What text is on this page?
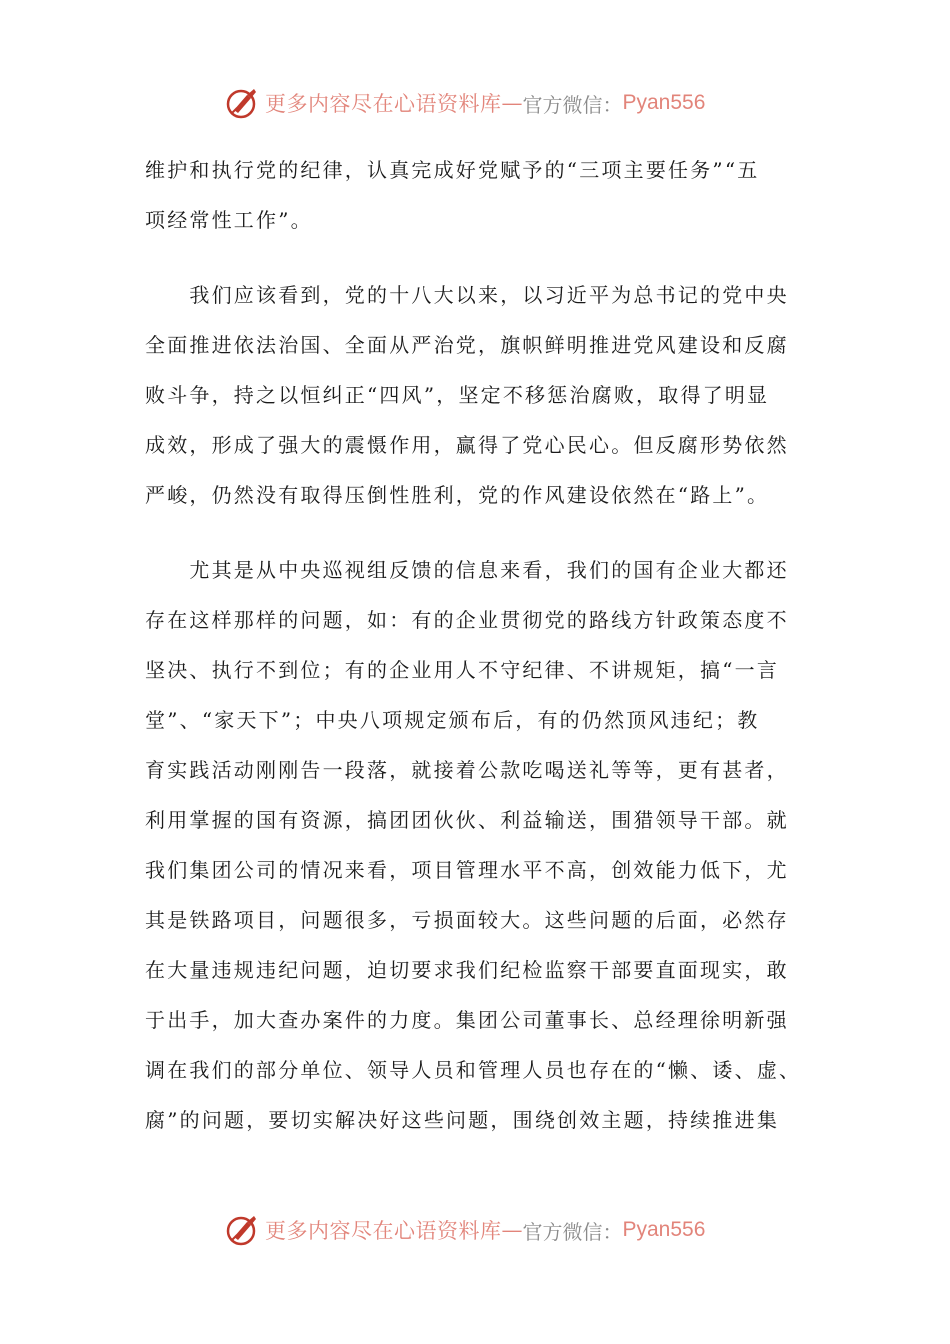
更多内容尽在心语资料库 — 官方微信： Pyan556
维护和执行党的纪律，认真完成好党赋予的“三项主要任务”“五
项经常性工作”。
　　我们应该看到，党的十八大以来，以习近平为总书记的党中央
全面推进依法治国、全面从严治党，旗帜鲜明推进党风建设和反腐
败斗争，持之以恒纠正“四风”，坚定不移惩治腐败，取得了明显
成效，形成了强大的震慑作用，赢得了党心民心。但反腐形势依然
严峻，仍然没有取得压倒性胜利，党的作风建设依然在“路上”。
　　尤其是从中央巡视组反馈的信息来看，我们的国有企业大都还
存在这样那样的问题，如：有的企业贯彻党的路线方针政策态度不
坚决、执行不到位；有的企业用人不守纪律、不讲规矩，搞“一言
堂”、“家天下”；中央八项规定颁布后，有的仍然顶风违纪；教
育实践活动刚刚告一段落，就接着公款吃喝送礼等等，更有甚者，
利用掌握的国有资源，搞团团伙伙、利益输送，围猎领导干部。就
我们集团公司的情况来看，项目管理水平不高，创效能力低下，尤
其是铁路项目，问题很多，亏损面较大。这些问题的后面，必然存
在大量违规违纪问题，迫切要求我们纪检监察干部要直面现实，敢
于出手，加大查办案件的力度。集团公司董事长、总经理徐明新强
调在我们的部分单位、领导人员和管理人员也存在的“懒、诿、虚、
腐”的问题，要切实解决好这些问题，围绕创效主题，持续推进集
更多内容尽在心语资料库 — 官方微信： Pyan556
